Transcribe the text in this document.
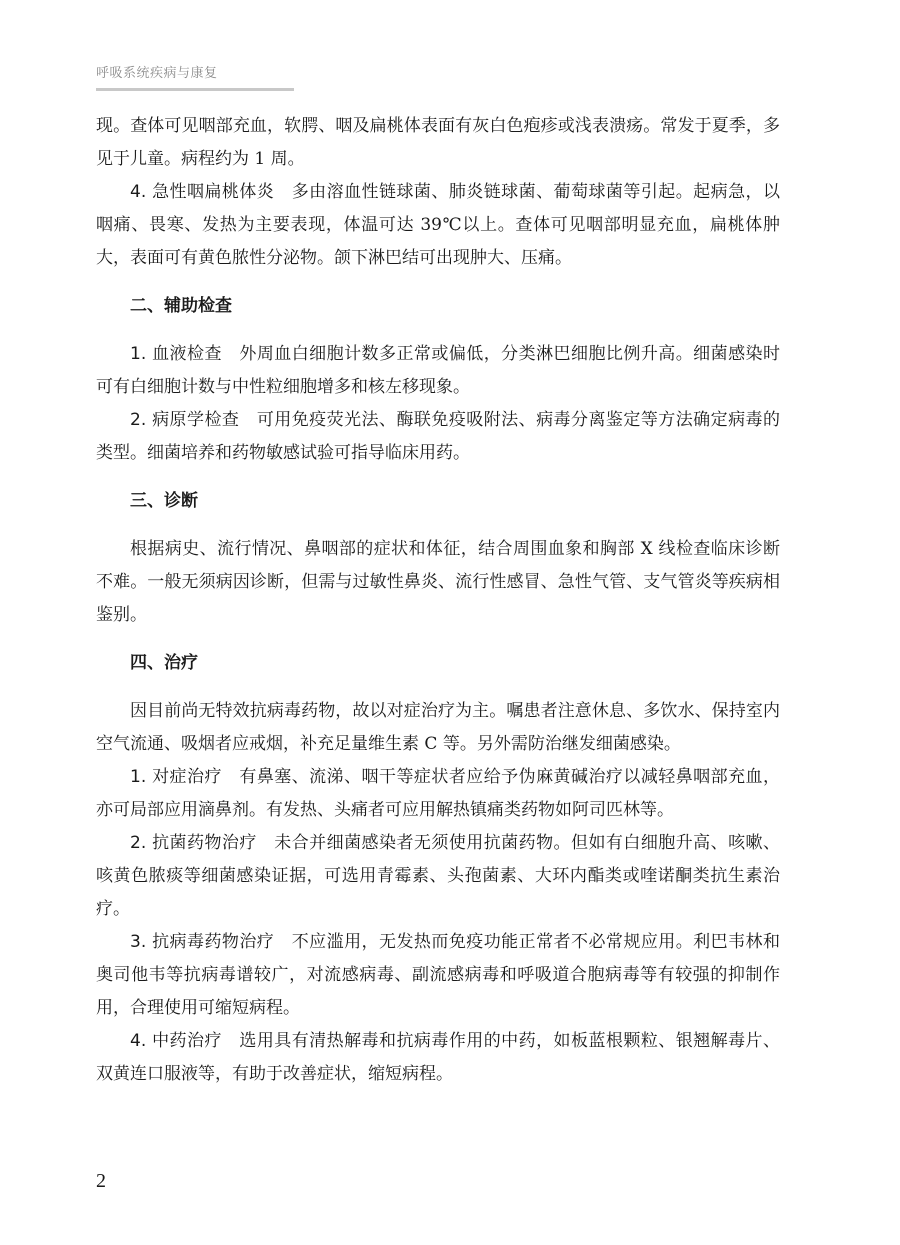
呼吸系统疾病与康复

现。查体可见咽部充血，软腭、咽及扁桃体表面有灰白色疱疹或浅表溃疡。常发于夏季，多见于儿童。病程约为 1 周。

4. 急性咽扁桃体炎 多由溶血性链球菌、肺炎链球菌、葡萄球菌等引起。起病急，以咽痛、畏寒、发热为主要表现，体温可达 39℃以上。查体可见咽部明显充血，扁桃体肿大，表面可有黄色脓性分泌物。颌下淋巴结可出现肿大、压痛。

二、辅助检查

1. 血液检查 外周血白细胞计数多正常或偏低，分类淋巴细胞比例升高。细菌感染时可有白细胞计数与中性粒细胞增多和核左移现象。

2. 病原学检查 可用免疫荧光法、酶联免疫吸附法、病毒分离鉴定等方法确定病毒的类型。细菌培养和药物敏感试验可指导临床用药。

三、诊断

根据病史、流行情况、鼻咽部的症状和体征，结合周围血象和胸部 X 线检查临床诊断不难。一般无须病因诊断，但需与过敏性鼻炎、流行性感冒、急性气管、支气管炎等疾病相鉴别。

四、治疗

因目前尚无特效抗病毒药物，故以对症治疗为主。嘱患者注意休息、多饮水、保持室内空气流通、吸烟者应戒烟，补充足量维生素 C 等。另外需防治继发细菌感染。

1. 对症治疗 有鼻塞、流涕、咽干等症状者应给予伪麻黄碱治疗以减轻鼻咽部充血，亦可局部应用滴鼻剂。有发热、头痛者可应用解热镇痛类药物如阿司匹林等。

2. 抗菌药物治疗 未合并细菌感染者无须使用抗菌药物。但如有白细胞升高、咳嗽、咳黄色脓痰等细菌感染证据，可选用青霉素、头孢菌素、大环内酯类或喹诺酮类抗生素治疗。

3. 抗病毒药物治疗 不应滥用，无发热而免疫功能正常者不必常规应用。利巴韦林和奥司他韦等抗病毒谱较广，对流感病毒、副流感病毒和呼吸道合胞病毒等有较强的抑制作用，合理使用可缩短病程。

4. 中药治疗 选用具有清热解毒和抗病毒作用的中药，如板蓝根颗粒、银翘解毒片、双黄连口服液等，有助于改善症状，缩短病程。

2
